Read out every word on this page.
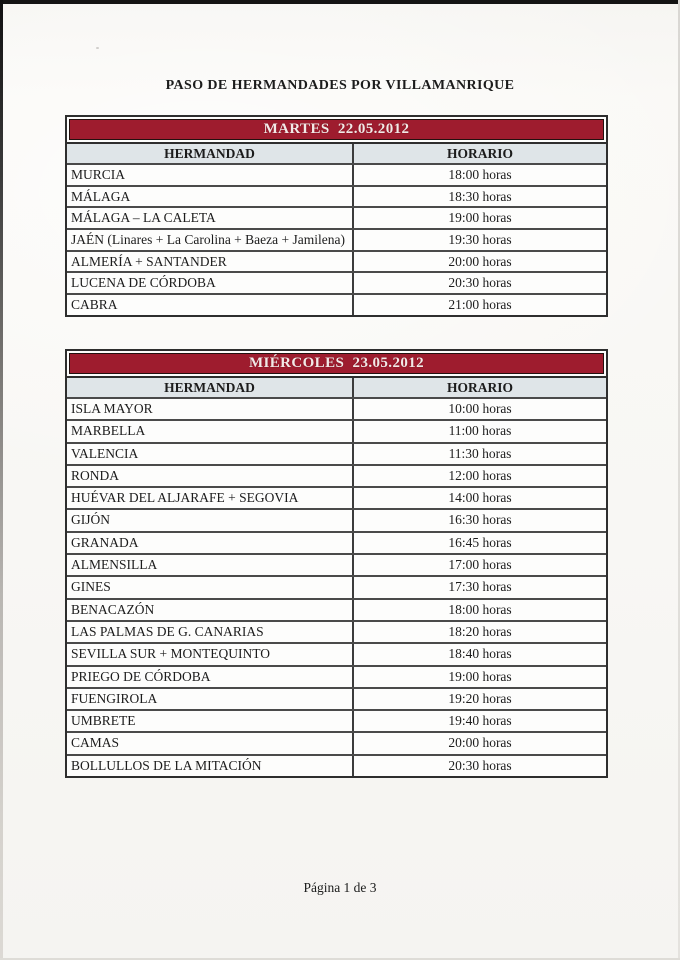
PASO DE HERMANDADES POR VILLAMANRIQUE
MARTES  22.05.2012
HERMANDAD	HORARIO
MURCIA	18:00 horas
MÁLAGA	18:30 horas
MÁLAGA – LA CALETA	19:00 horas
JAÉN (Linares + La Carolina + Baeza + Jamilena)	19:30 horas
ALMERÍA + SANTANDER	20:00 horas
LUCENA DE CÓRDOBA	20:30 horas
CABRA	21:00 horas
MIÉRCOLES  23.05.2012
HERMANDAD	HORARIO
ISLA MAYOR	10:00 horas
MARBELLA	11:00 horas
VALENCIA	11:30 horas
RONDA	12:00 horas
HUÉVAR DEL ALJARAFE + SEGOVIA	14:00 horas
GIJÓN	16:30 horas
GRANADA	16:45 horas
ALMENSILLA	17:00 horas
GINES	17:30 horas
BENACAZÓN	18:00 horas
LAS PALMAS DE G. CANARIAS	18:20 horas
SEVILLA SUR + MONTEQUINTO	18:40 horas
PRIEGO DE CÓRDOBA	19:00 horas
FUENGIROLA	19:20 horas
UMBRETE	19:40 horas
CAMAS	20:00 horas
BOLLULLOS DE LA MITACIÓN	20:30 horas
Página 1 de 3
